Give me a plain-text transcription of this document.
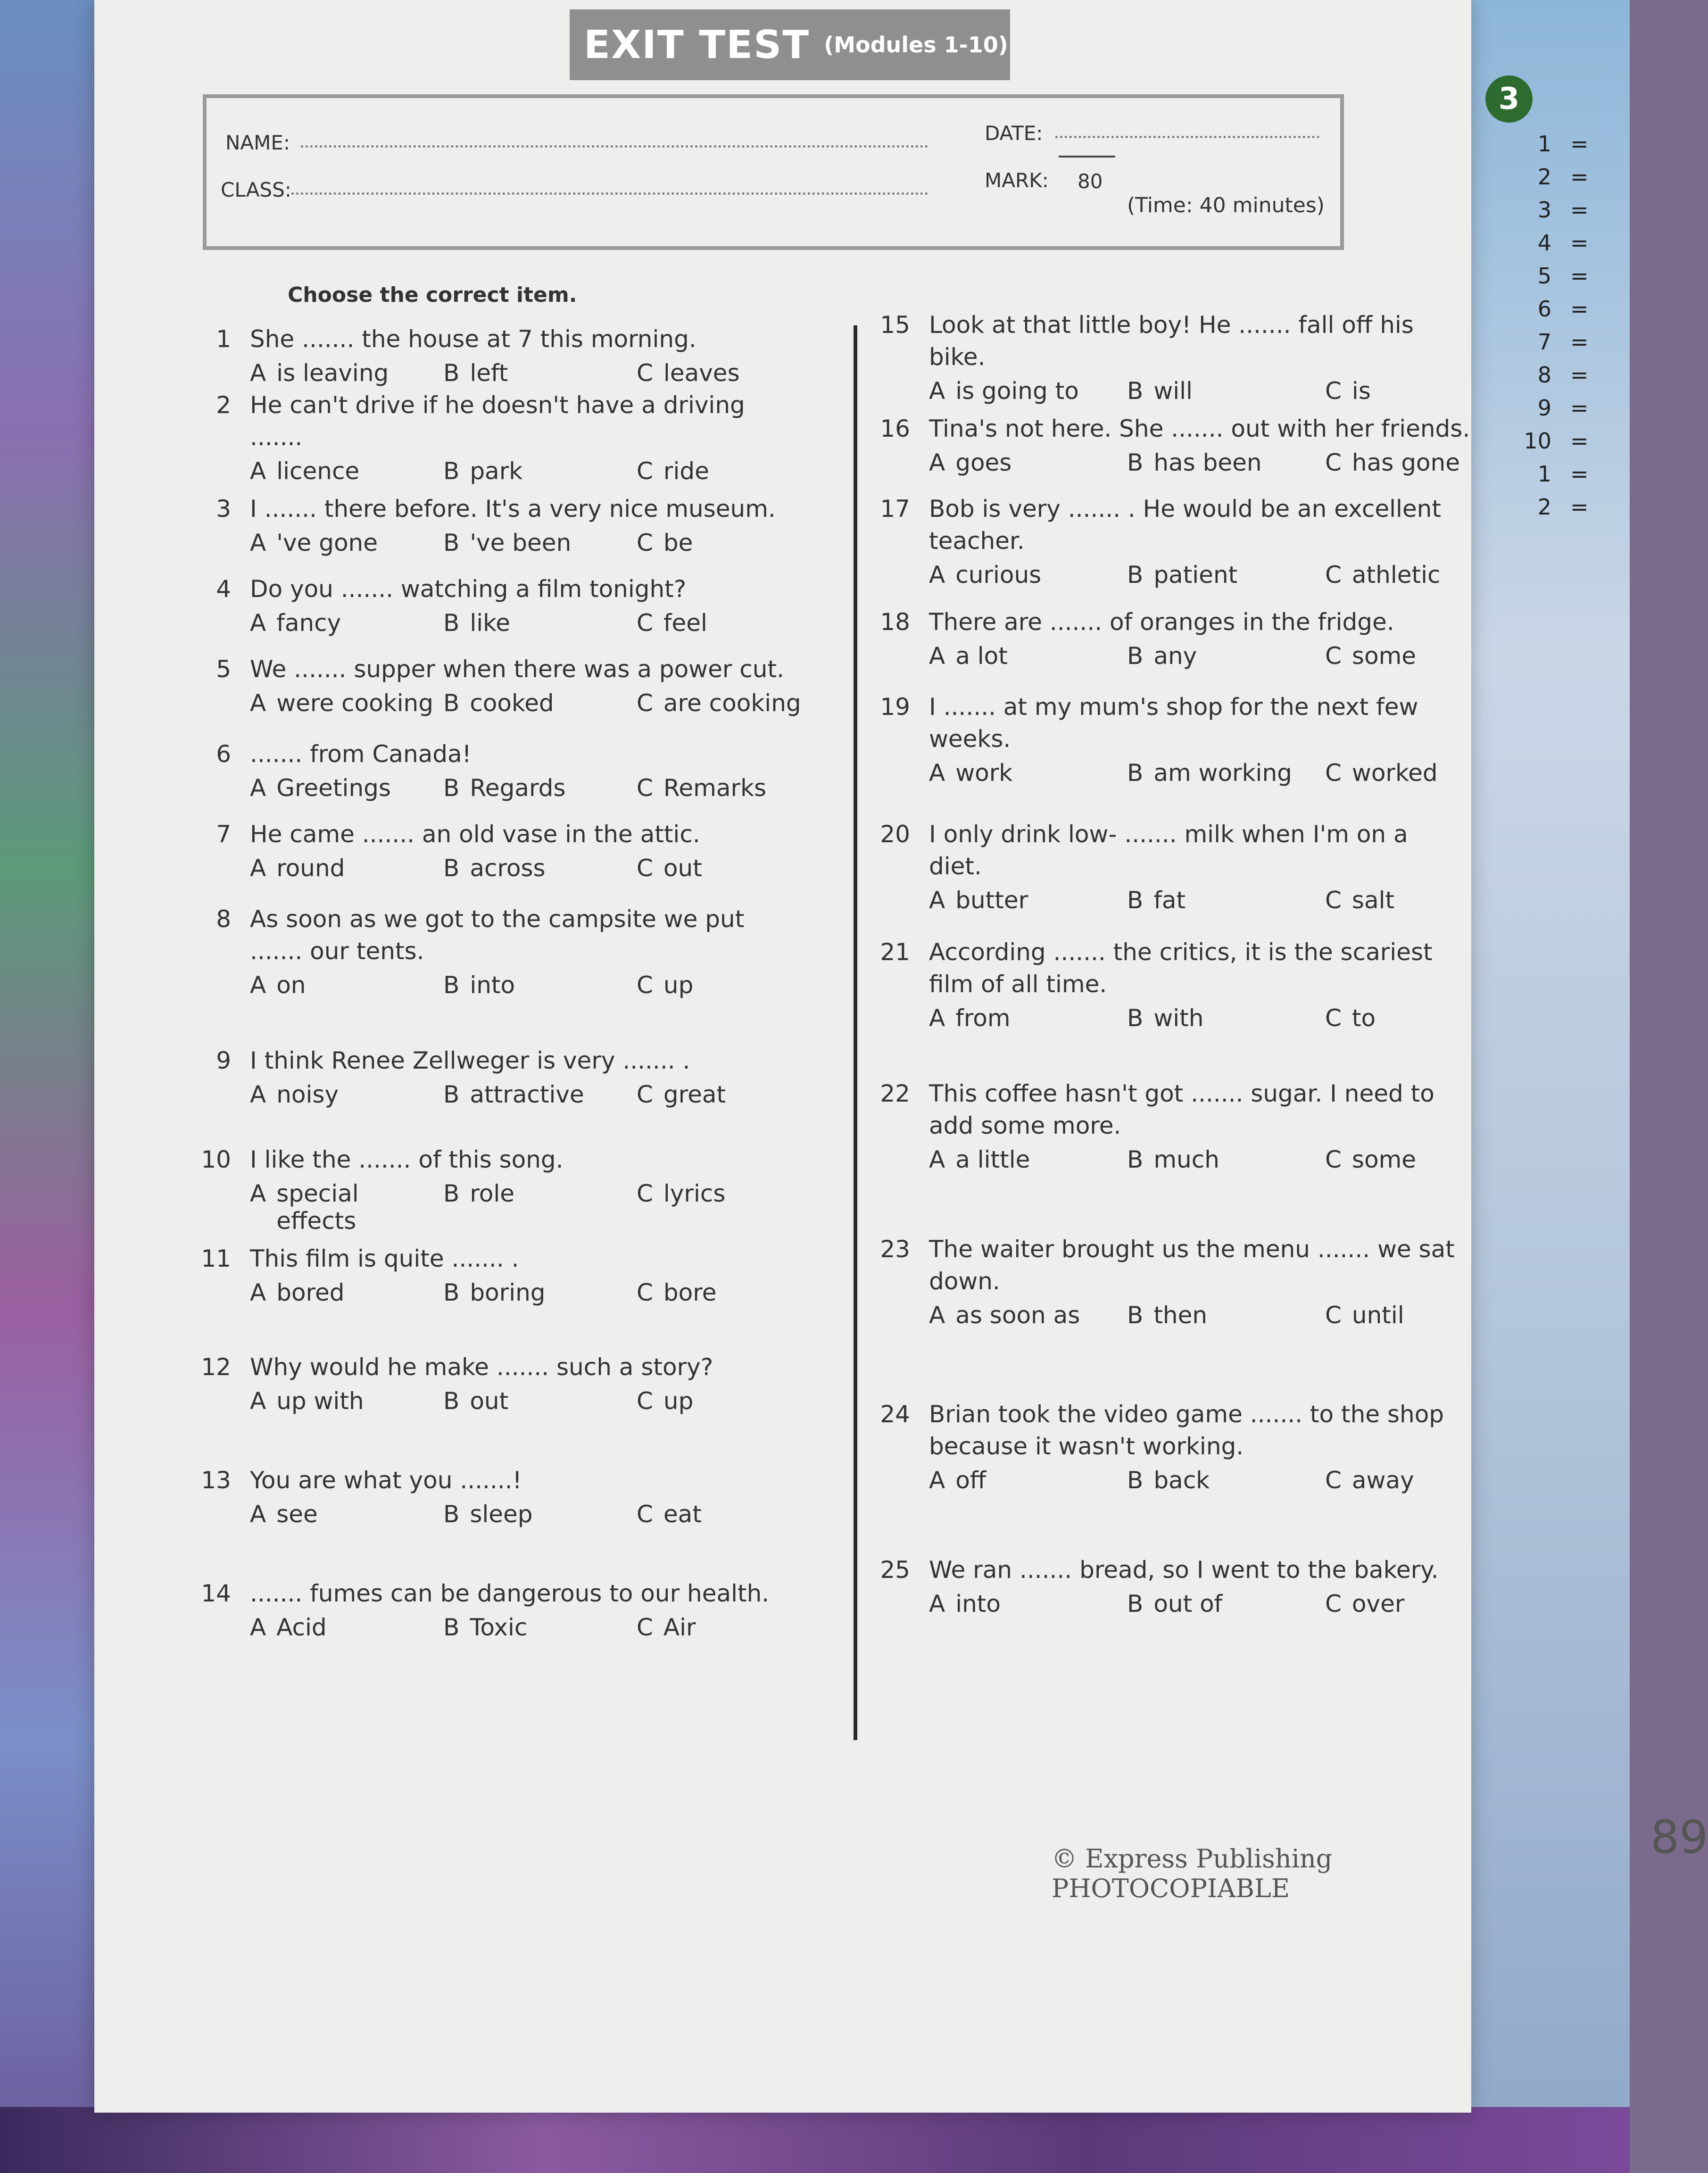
3
1 =
2 =
3 =
4 =
5 =
6 =
7 =
8 =
9 =
10 =
1 =
2 =
EXIT TEST (Modules 1-10)
NAME:	DATE:
CLASS:	MARK: 80
(Time: 40 minutes)
Choose the correct item.
1 She ....... the house at 7 this morning.
A is leaving B left	C leaves
2 He can't drive if he doesn't have a driving
.......
A licence	B park	C ride
3 I ....... there before. It's a very nice museum.
A 've gone	B 've been	C be
4 Do you ....... watching a film tonight?
A fancy	B like	C feel
5 We ....... supper when there was a power cut.
A were cooking B cooked	C are cooking
6 ....... from Canada!
A Greetings B Regards	C Remarks
7 He came ....... an old vase in the attic.
A round	B across	C out
8 As soon as we got to the campsite we put
....... our tents.
A on	B into	C up
9 I think Renee Zellweger is very ....... .
A noisy	B attractive C great
10 I like the ....... of this song.
A special effects
B role	C lyrics
11 This film is quite ....... .
A bored	B boring	C bore
12 Why would he make ....... such a story?
A up with	B out	C up
13 You are what you .......!
A see	B sleep	C eat
14 ....... fumes can be dangerous to our health.
A Acid	B Toxic	C Air
15 Look at that little boy! He ....... fall off his
bike.
A is going to B will	C is
16 Tina's not here. She ....... out with her friends.
A goes	B has been	C has gone
17 Bob is very ....... . He would be an excellent
teacher.
A curious	B patient	C athletic
18 There are ....... of oranges in the fridge.
A a lot	B any	C some
19 I ....... at my mum's shop for the next few
weeks.
A work	B am working C worked
20 I only drink low- ....... milk when I'm on a
diet.
A butter	B fat	C salt
21 According ....... the critics, it is the scariest
film of all time.
A from	B with	C to
22 This coffee hasn't got ....... sugar. I need to
add some more.
A a little	B much	C some
23 The waiter brought us the menu ....... we sat
down.
A as soon as B then	C until
24 Brian took the video game ....... to the shop
because it wasn't working.
A off	B back	C away
25 We ran ....... bread, so I went to the bakery.
A into	B out of	C over
© Express Publishing PHOTOCOPIABLE
89
